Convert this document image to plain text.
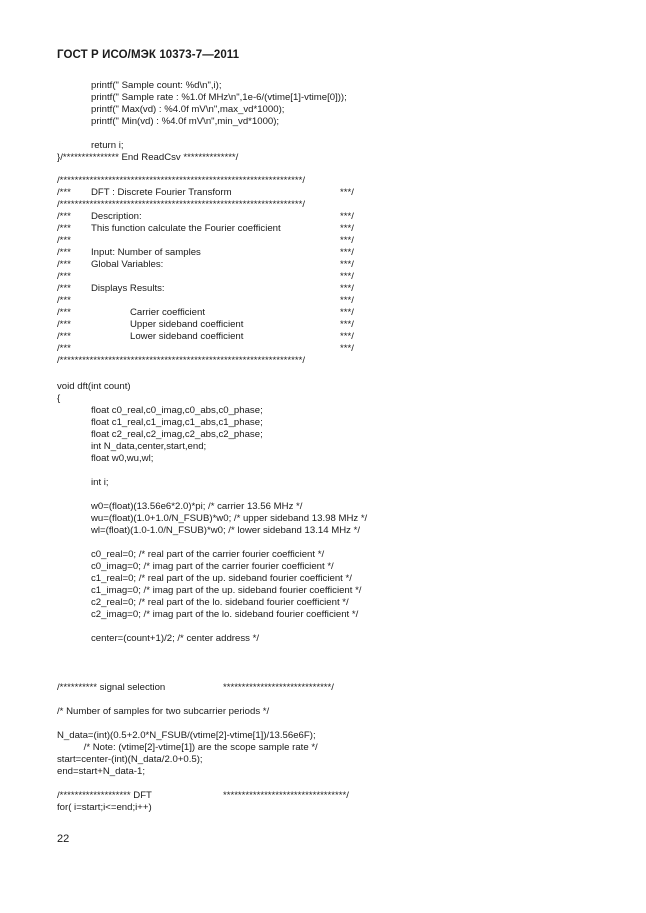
ГОСТ Р ИСО/МЭК 10373-7—2011
printf(" Sample count: %d\n",i);
printf(" Sample rate : %1.0f MHz\n",1e-6/(vtime[1]-vtime[0]));
printf(" Max(vd) : %4.0f mV\n",max_vd*1000);
printf(" Min(vd) : %4.0f mV\n",min_vd*1000);
return i;
}/*************** End ReadCsv **************/
/*****************************************************************/
/*** DFT : Discrete Fourier Transform	***/
/*****************************************************************/
/*** Description:	***/
/*** This function calculate the Fourier coefficient	***/
/***	***/
/*** Input: Number of samples	***/
/*** Global Variables:	***/
/***	***/
/*** Displays Results:	***/
/***	***/
/***	Carrier coefficient	***/
/***	Upper sideband coefficient	***/
/***	Lower sideband coefficient	***/
/***	***/
/*****************************************************************/
void dft(int count)
{
float c0_real,c0_imag,c0_abs,c0_phase;
float c1_real,c1_imag,c1_abs,c1_phase;
float c2_real,c2_imag,c2_abs,c2_phase;
int N_data,center,start,end;
float w0,wu,wl;
int i;
w0=(float)(13.56e6*2.0)*pi; /* carrier 13.56 MHz */
wu=(float)(1.0+1.0/N_FSUB)*w0; /* upper sideband 13.98 MHz */
wl=(float)(1.0-1.0/N_FSUB)*w0; /* lower sideband 13.14 MHz */
c0_real=0; /* real part of the carrier fourier coefficient */
c0_imag=0; /* imag part of the carrier fourier coefficient */
c1_real=0; /* real part of the up. sideband fourier coefficient */
c1_imag=0; /* imag part of the up. sideband fourier coefficient */
c2_real=0; /* real part of the lo. sideband fourier coefficient */
c2_imag=0; /* imag part of the lo. sideband fourier coefficient */
center=(count+1)/2; /* center address */
/********** signal selection	*****************************/
/* Number of samples for two subcarrier periods */
N_data=(int)(0.5+2.0*N_FSUB/(vtime[2]-vtime[1])/13.56e6F);
/* Note: (vtime[2]-vtime[1]) are the scope sample rate */
start=center-(int)(N_data/2.0+0.5);
end=start+N_data-1;
/******************* DFT	*********************************/
for( i=start;i<=end;i++)
22
